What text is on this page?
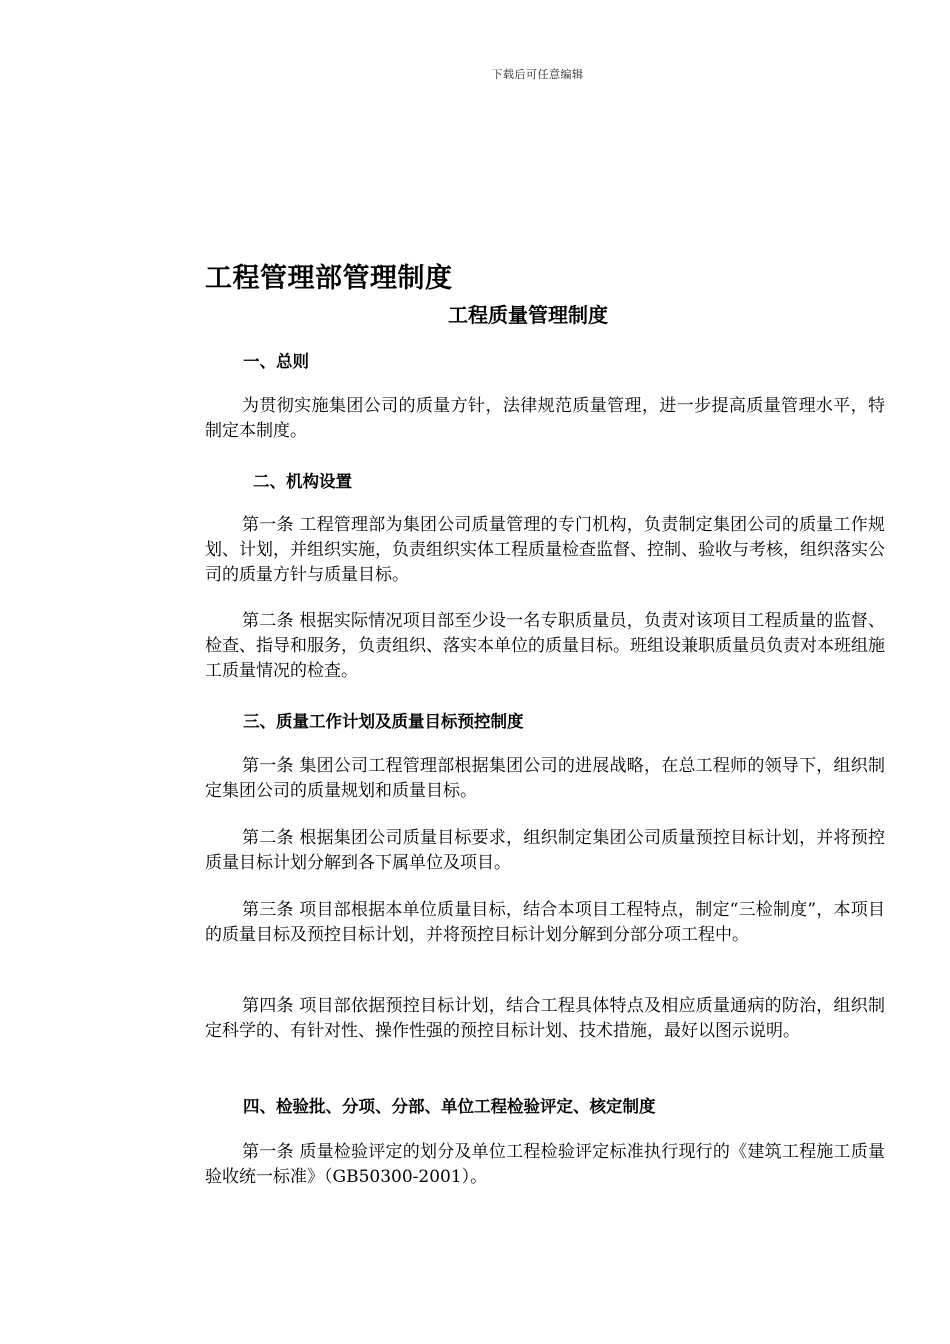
下载后可任意编辑
工程管理部管理制度
工程质量管理制度
一、总则
为贯彻实施集团公司的质量方针，法律规范质量管理，进一步提高质量管理水平，特制定本制度。
二、机构设置
第一条 工程管理部为集团公司质量管理的专门机构，负责制定集团公司的质量工作规划、计划，并组织实施，负责组织实体工程质量检查监督、控制、验收与考核，组织落实公司的质量方针与质量目标。
第二条 根据实际情况项目部至少设一名专职质量员，负责对该项目工程质量的监督、检查、指导和服务，负责组织、落实本单位的质量目标。班组设兼职质量员负责对本班组施工质量情况的检查。
三、质量工作计划及质量目标预控制度
第一条 集团公司工程管理部根据集团公司的进展战略，在总工程师的领导下，组织制定集团公司的质量规划和质量目标。
第二条 根据集团公司质量目标要求，组织制定集团公司质量预控目标计划，并将预控质量目标计划分解到各下属单位及项目。
第三条 项目部根据本单位质量目标，结合本项目工程特点，制定“三检制度”，本项目的质量目标及预控目标计划，并将预控目标计划分解到分部分项工程中。
第四条 项目部依据预控目标计划，结合工程具体特点及相应质量通病的防治，组织制定科学的、有针对性、操作性强的预控目标计划、技术措施，最好以图示说明。
四、检验批、分项、分部、单位工程检验评定、核定制度
第一条 质量检验评定的划分及单位工程检验评定标准执行现行的《建筑工程施工质量验收统一标准》（GB50300-2001）。
